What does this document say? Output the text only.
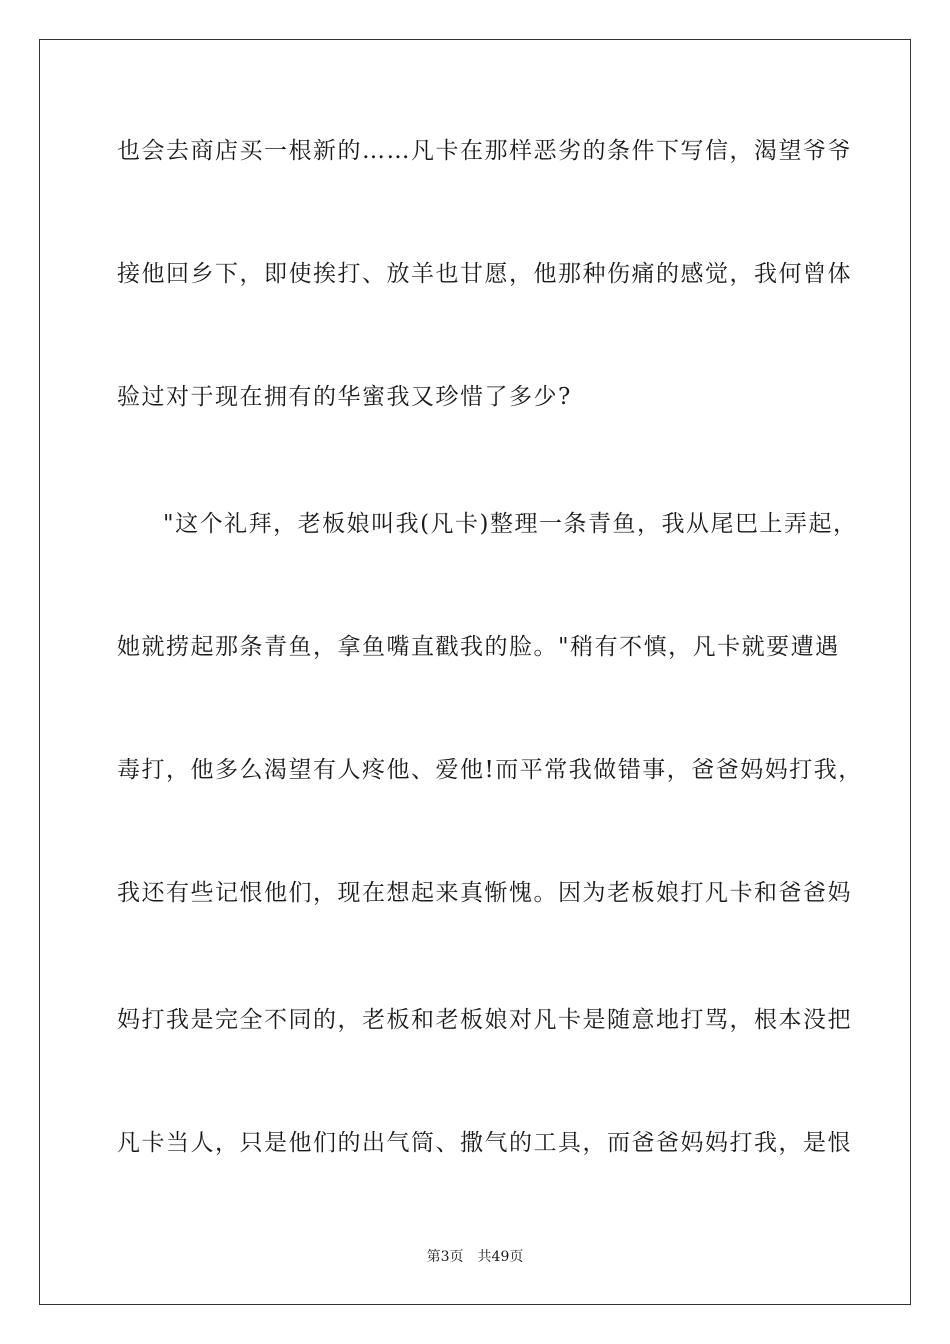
也会去商店买一根新的……凡卡在那样恶劣的条件下写信，渴望爷爷
接他回乡下，即使挨打、放羊也甘愿，他那种伤痛的感觉，我何曾体
验过对于现在拥有的华蜜我又珍惜了多少?
"这个礼拜，老板娘叫我(凡卡)整理一条青鱼，我从尾巴上弄起，
她就捞起那条青鱼，拿鱼嘴直戳我的脸。"稍有不慎，凡卡就要遭遇
毒打，他多么渴望有人疼他、爱他!而平常我做错事，爸爸妈妈打我，
我还有些记恨他们，现在想起来真惭愧。因为老板娘打凡卡和爸爸妈
妈打我是完全不同的，老板和老板娘对凡卡是随意地打骂，根本没把
凡卡当人，只是他们的出气筒、撒气的工具，而爸爸妈妈打我，是恨
第3页 共49页
